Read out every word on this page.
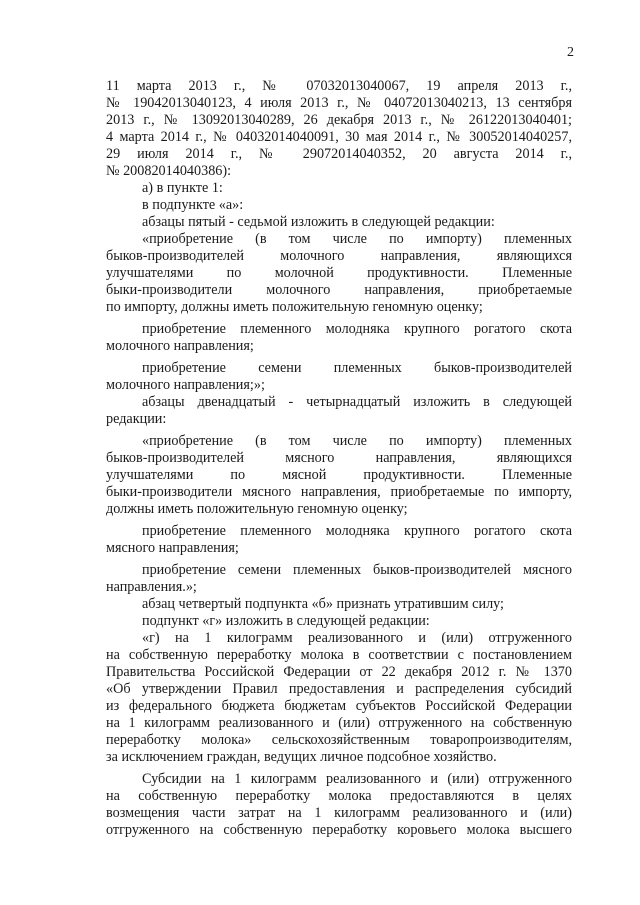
2
11 марта 2013 г., № 07032013040067, 19 апреля 2013 г.,
№ 19042013040123, 4 июля 2013 г., № 04072013040213, 13 сентября
2013 г., № 13092013040289, 26 декабря 2013 г., № 26122013040401;
4 марта 2014 г., № 04032014040091, 30 мая 2014 г., № 30052014040257,
29 июля 2014 г., № 29072014040352, 20 августа 2014 г.,
№ 20082014040386):
а) в пункте 1:
в подпункте «а»:
абзацы пятый - седьмой изложить в следующей редакции:
«приобретение (в том числе по импорту) племенных
быков-производителей молочного направления, являющихся
улучшателями по молочной продуктивности. Племенные
быки-производители молочного направления, приобретаемые
по импорту, должны иметь положительную геномную оценку;
приобретение племенного молодняка крупного рогатого скота
молочного направления;
приобретение семени племенных быков-производителей
молочного направления;»;
абзацы двенадцатый - четырнадцатый изложить в следующей
редакции:
«приобретение (в том числе по импорту) племенных
быков-производителей мясного направления, являющихся
улучшателями по мясной продуктивности. Племенные
быки-производители мясного направления, приобретаемые по импорту,
должны иметь положительную геномную оценку;
приобретение племенного молодняка крупного рогатого скота
мясного направления;
приобретение семени племенных быков-производителей мясного
направления.»;
абзац четвертый подпункта «б» признать утратившим силу;
подпункт «г» изложить в следующей редакции:
«г) на 1 килограмм реализованного и (или) отгруженного
на собственную переработку молока в соответствии с постановлением
Правительства Российской Федерации от 22 декабря 2012 г. № 1370
«Об утверждении Правил предоставления и распределения субсидий
из федерального бюджета бюджетам субъектов Российской Федерации
на 1 килограмм реализованного и (или) отгруженного на собственную
переработку молока» сельскохозяйственным товаропроизводителям,
за исключением граждан, ведущих личное подсобное хозяйство.
Субсидии на 1 килограмм реализованного и (или) отгруженного
на собственную переработку молока предоставляются в целях
возмещения части затрат на 1 килограмм реализованного и (или)
отгруженного на собственную переработку коровьего молока высшего
